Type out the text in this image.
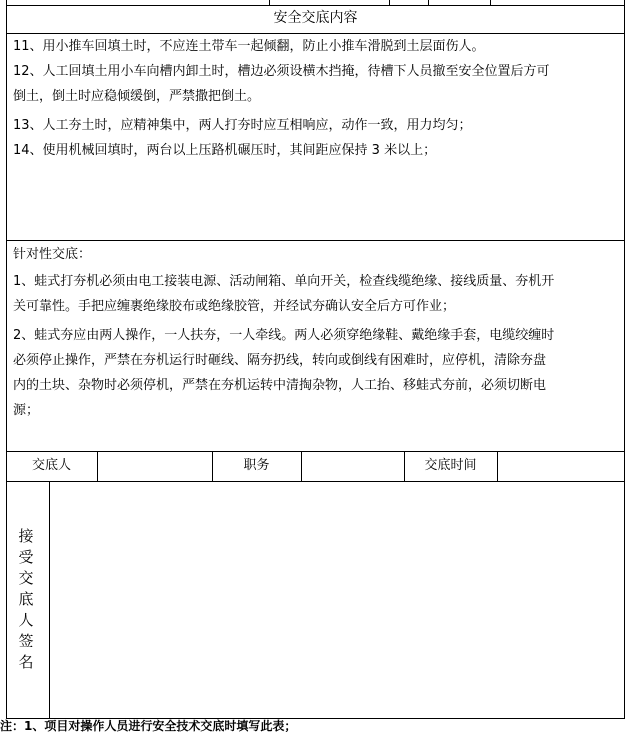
安全交底内容
11、用小推车回填土时，不应连土带车一起倾翻，防止小推车滑脱到土层面伤人。
12、人工回填土用小车向槽内卸土时，槽边必须设横木挡掩，待槽下人员撤至安全位置后方可
倒土，倒土时应稳倾缓倒，严禁撒把倒土。
13、人工夯土时，应精神集中，两人打夯时应互相响应，动作一致，用力均匀；
14、使用机械回填时，两台以上压路机碾压时，其间距应保持 3 米以上；
针对性交底：
1、蛙式打夯机必须由电工接装电源、活动闸箱、单向开关，检查线缆绝缘、接线质量、夯机开
关可靠性。手把应缠裹绝缘胶布或绝缘胶管，并经试夯确认安全后方可作业；
2、蛙式夯应由两人操作，一人扶夯，一人牵线。两人必须穿绝缘鞋、戴绝缘手套，电缆绞缠时
必须停止操作，严禁在夯机运行时砸线、隔夯扔线，转向或倒线有困难时，应停机，清除夯盘
内的土块、杂物时必须停机，严禁在夯机运转中清掏杂物，人工抬、移蛙式夯前，必须切断电
源；
交底人	职务	交底时间
接
受
交
底
人
签
名
注：1、项目对操作人员进行安全技术交底时填写此表；
